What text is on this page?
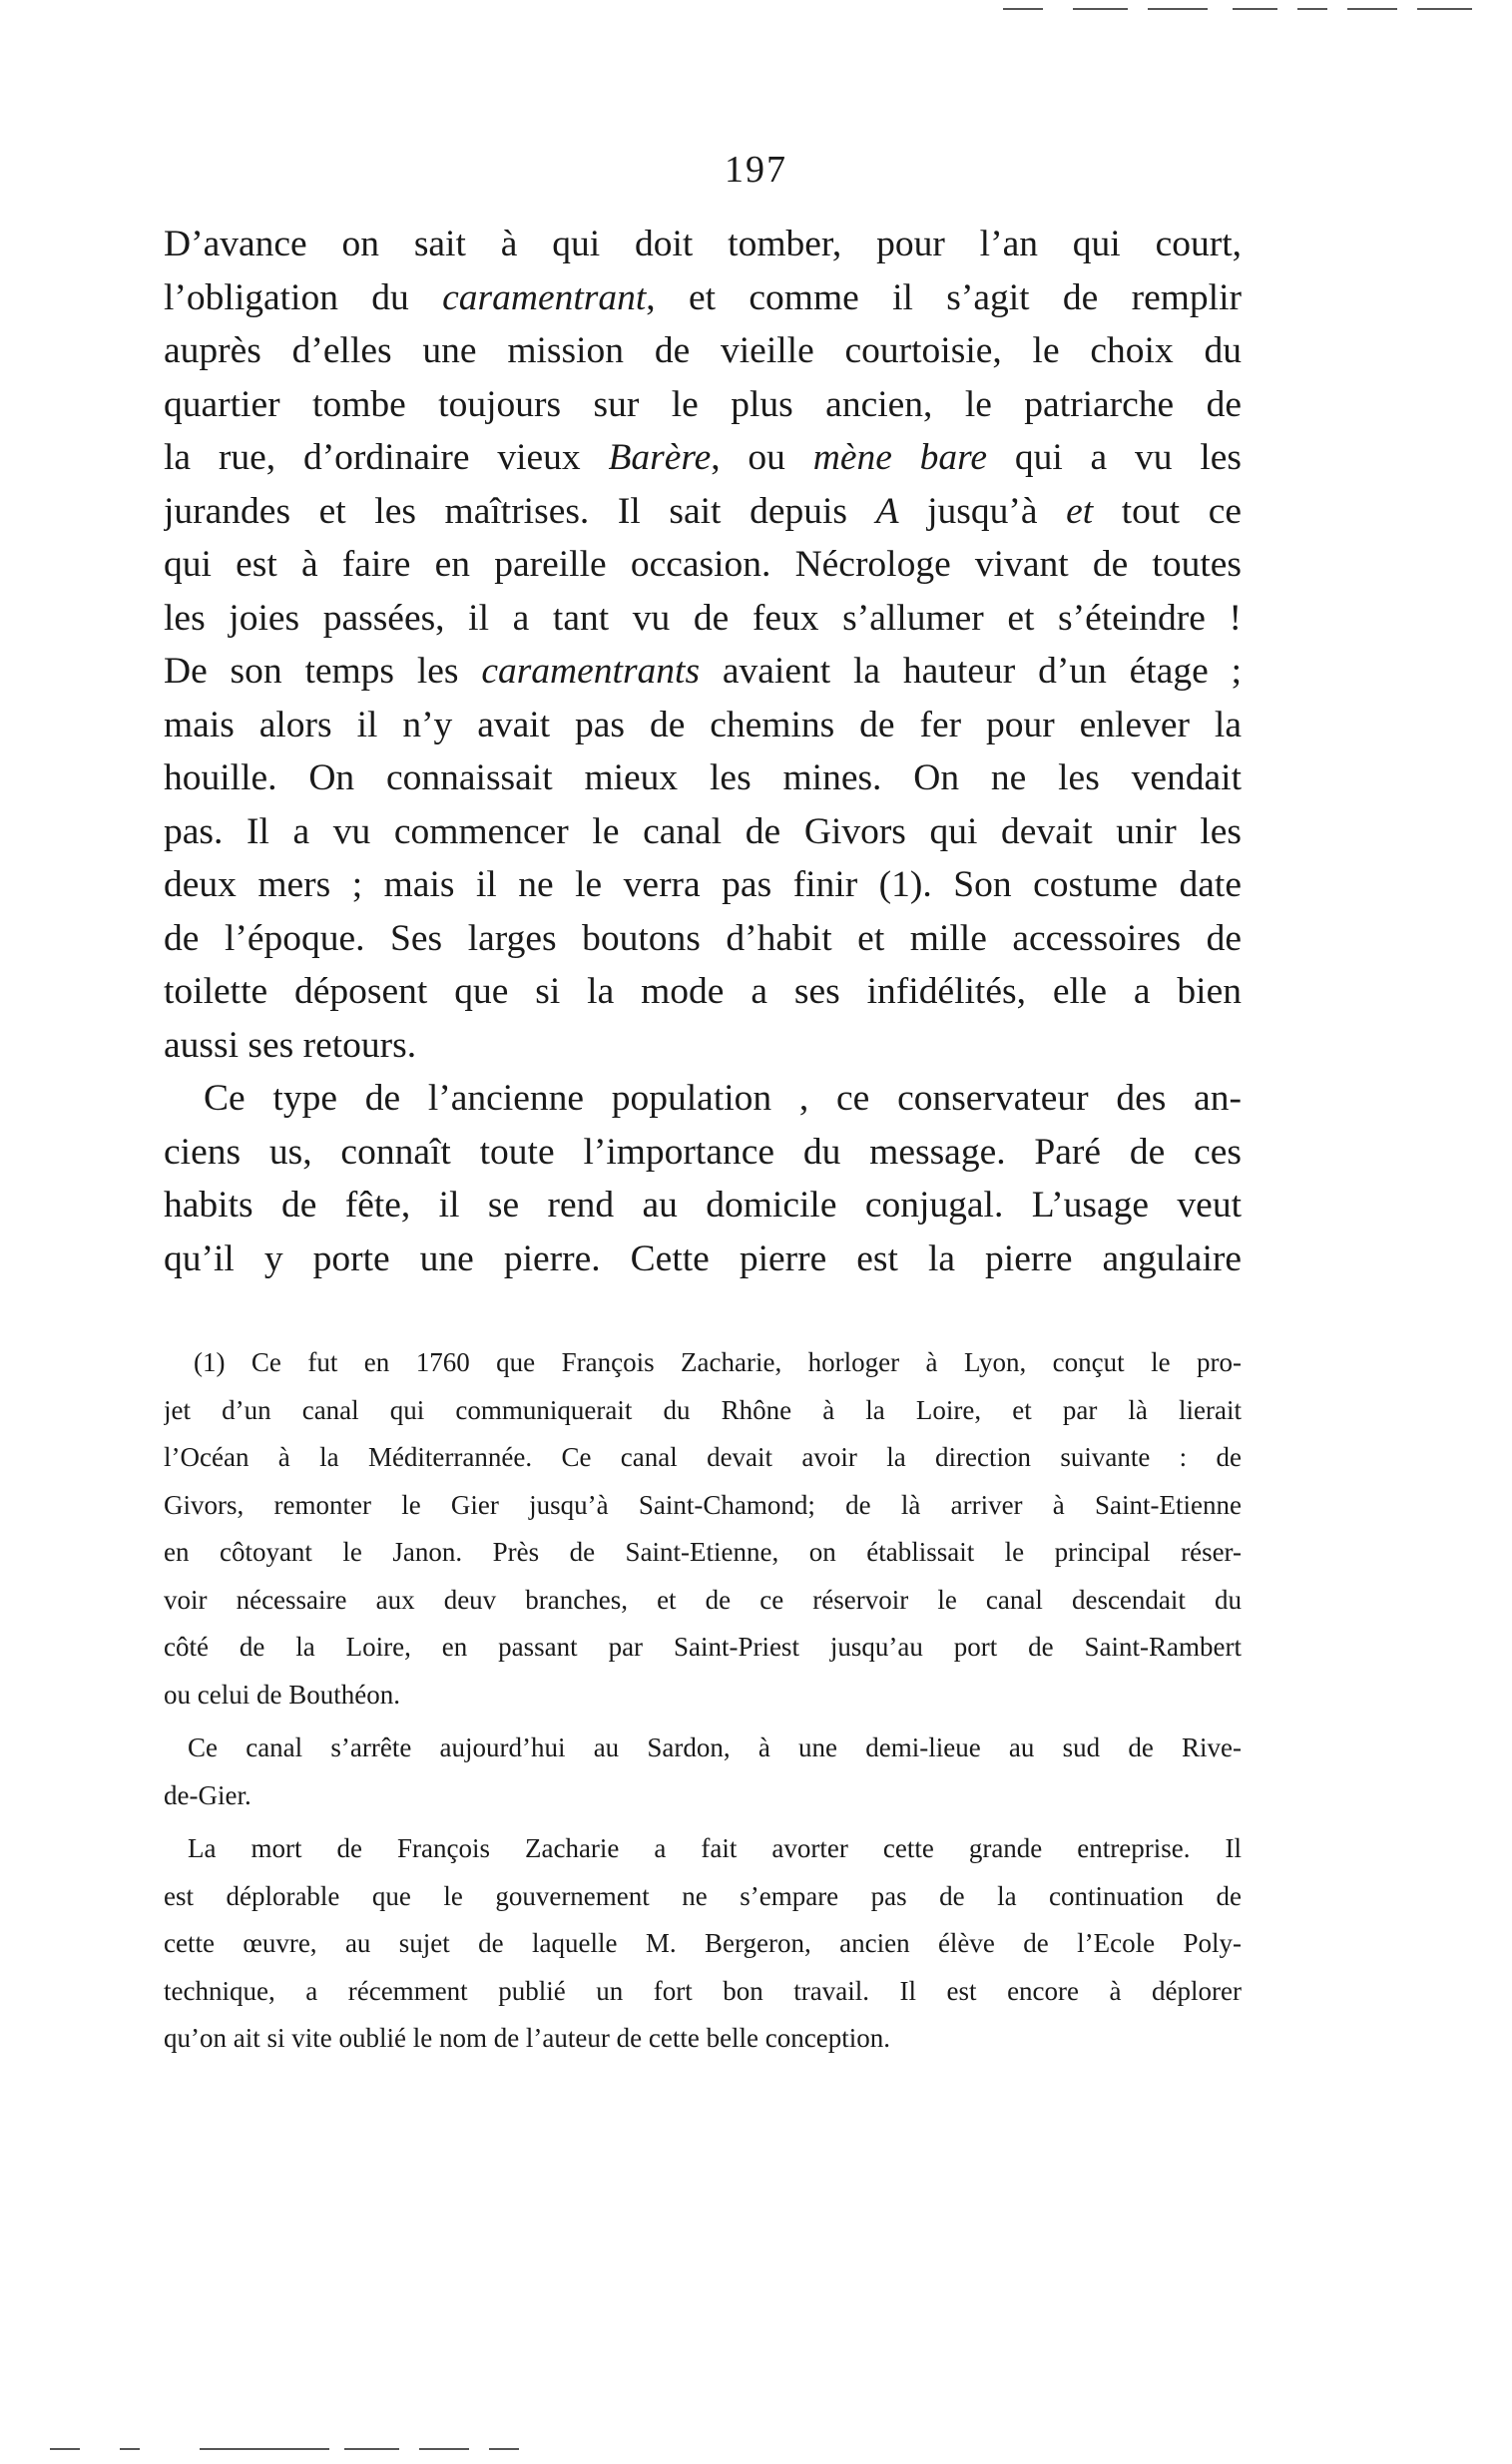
197
D’avance on sait à qui doit tomber, pour l’an qui court,
l’obligation du caramentrant, et comme il s’agit de remplir
auprès d’elles une mission de vieille courtoisie, le choix du
quartier tombe toujours sur le plus ancien, le patriarche de
la rue, d’ordinaire vieux Barère, ou mène bare qui a vu les
jurandes et les maîtrises. Il sait depuis A jusqu’à et tout ce
qui est à faire en pareille occasion. Nécrologe vivant de toutes
les joies passées, il a tant vu de feux s’allumer et s’éteindre !
De son temps les caramentrants avaient la hauteur d’un étage ;
mais alors il n’y avait pas de chemins de fer pour enlever la
houille. On connaissait mieux les mines. On ne les vendait
pas. Il a vu commencer le canal de Givors qui devait unir les
deux mers ; mais il ne le verra pas finir (1). Son costume date
de l’époque. Ses larges boutons d’habit et mille accessoires de
toilette déposent que si la mode a ses infidélités, elle a bien
aussi ses retours.
Ce type de l’ancienne population , ce conservateur des an-
ciens us, connaît toute l’importance du message. Paré de ces
habits de fête, il se rend au domicile conjugal. L’usage veut
qu’il y porte une pierre. Cette pierre est la pierre angulaire
(1) Ce fut en 1760 que François Zacharie, horloger à Lyon, conçut le pro-
jet d’un canal qui communiquerait du Rhône à la Loire, et par là lierait
l’Océan à la Méditerrannée. Ce canal devait avoir la direction suivante : de
Givors, remonter le Gier jusqu’à Saint-Chamond; de là arriver à Saint-Etienne
en côtoyant le Janon. Près de Saint-Etienne, on établissait le principal réser-
voir nécessaire aux deuv branches, et de ce réservoir le canal descendait du
côté de la Loire, en passant par Saint-Priest jusqu’au port de Saint-Rambert
ou celui de Bouthéon.
Ce canal s’arrête aujourd’hui au Sardon, à une demi-lieue au sud de Rive-
de-Gier.
La mort de François Zacharie a fait avorter cette grande entreprise. Il
est déplorable que le gouvernement ne s’empare pas de la continuation de
cette œuvre, au sujet de laquelle M. Bergeron, ancien élève de l’Ecole Poly-
technique, a récemment publié un fort bon travail. Il est encore à déplorer
qu’on ait si vite oublié le nom de l’auteur de cette belle conception.
